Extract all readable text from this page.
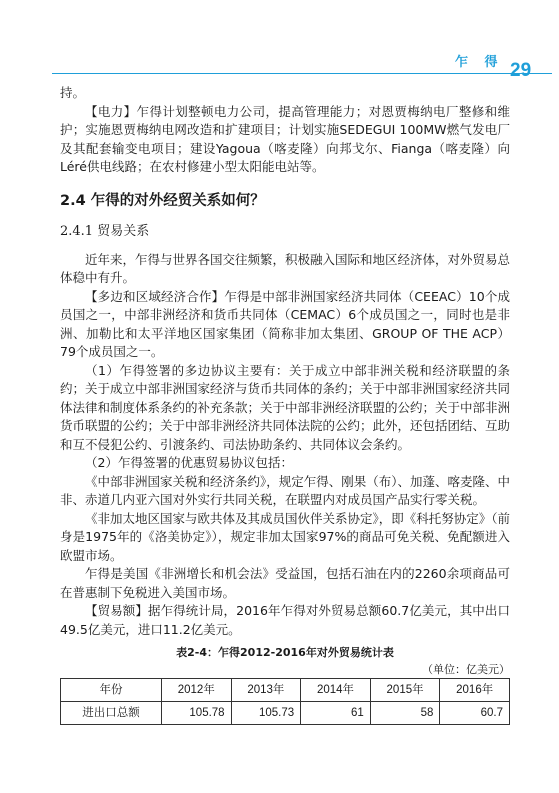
乍 得 29

持。

【电力】乍得计划整顿电力公司，提高管理能力；对恩贾梅纳电厂整修和维护；实施恩贾梅纳电网改造和扩建项目；计划实施SEDEGUI 100MW燃气发电厂及其配套输变电项目；建设Yagoua（喀麦隆）向邦戈尔、Fianga（喀麦隆）向Léré供电线路；在农村修建小型太阳能电站等。

2.4 乍得的对外经贸关系如何？
2.4.1 贸易关系

近年来，乍得与世界各国交往频繁，积极融入国际和地区经济体，对外贸易总体稳中有升。

【多边和区域经济合作】乍得是中部非洲国家经济共同体（CEEAC）10个成员国之一，中部非洲经济和货币共同体（CEMAC）6个成员国之一，同时也是非洲、加勒比和太平洋地区国家集团（简称非加太集团、GROUP OF THE ACP）79个成员国之一。

（1）乍得签署的多边协议主要有：关于成立中部非洲关税和经济联盟的条约；关于成立中部非洲国家经济与货币共同体的条约；关于中部非洲国家经济共同体法律和制度体系条约的补充条款；关于中部非洲经济联盟的公约；关于中部非洲货币联盟的公约；关于中部非洲经济共同体法院的公约；此外，还包括团结、互助和互不侵犯公约、引渡条约、司法协助条约、共同体议会条约。

（2）乍得签署的优惠贸易协议包括：

《中部非洲国家关税和经济条约》，规定乍得、刚果（布）、加蓬、喀麦隆、中非、赤道几内亚六国对外实行共同关税，在联盟内对成员国产品实行零关税。

《非加太地区国家与欧共体及其成员国伙伴关系协定》，即《科托努协定》（前身是1975年的《洛美协定》），规定非加太国家97%的商品可免关税、免配额进入欧盟市场。

乍得是美国《非洲增长和机会法》受益国，包括石油在内的2260余项商品可在普惠制下免税进入美国市场。

【贸易额】据乍得统计局，2016年乍得对外贸易总额60.7亿美元，其中出口49.5亿美元，进口11.2亿美元。

表2-4：乍得2012-2016年对外贸易统计表
（单位：亿美元）
年份	2012年	2013年	2014年	2015年	2016年
进出口总额	105.78	105.73	61	58	60.7
